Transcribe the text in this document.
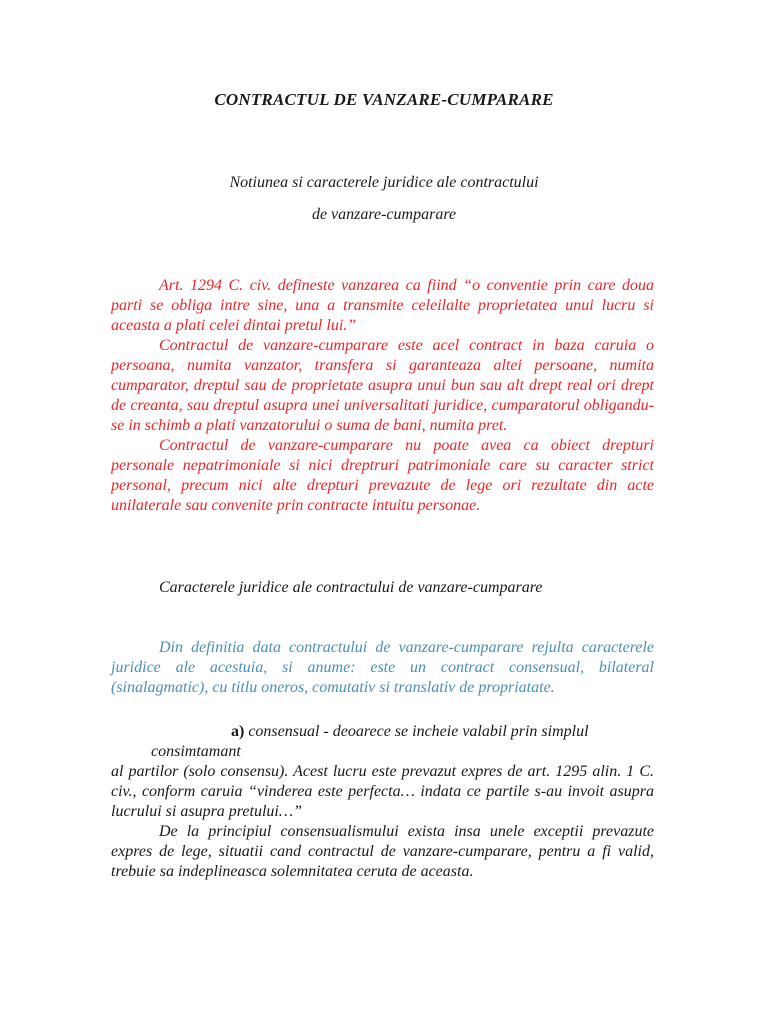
CONTRACTUL DE VANZARE-CUMPARARE
Notiunea si caracterele juridice ale contractului
de vanzare-cumparare

Art. 1294 C. civ. defineste vanzarea ca fiind “o conventie prin care doua parti se obliga intre sine, una a transmite celeilalte proprietatea unui lucru si aceasta a plati celei dintai pretul lui.”

Contractul de vanzare-cumparare este acel contract in baza caruia o persoana, numita vanzator, transfera si garanteaza altei persoane, numita cumparator, dreptul sau de proprietate asupra unui bun sau alt drept real ori drept de creanta, sau dreptul asupra unei universalitati juridice, cumparatorul obligandu-se in schimb a plati vanzatorului o suma de bani, numita pret.

Contractul de vanzare-cumparare nu poate avea ca obiect drepturi personale nepatrimoniale si nici dreptruri patrimoniale care su caracter strict personal, precum nici alte drepturi prevazute de lege ori rezultate din acte unilaterale sau convenite prin contracte intuitu personae.

Caracterele juridice ale contractului de vanzare-cumparare

Din definitia data contractului de vanzare-cumparare rejulta caracterele juridice ale acestuia, si anume: este un contract consensual, bilateral (sinalagmatic), cu titlu oneros, comutativ si translativ de propriatate.

a) consensual - deoarece se incheie valabil prin simplul
consimtamant

al partilor (solo consensu). Acest lucru este prevazut expres de art. 1295 alin. 1 C. civ., conform caruia “vinderea este perfecta… indata ce partile s-au invoit asupra lucrului si asupra pretului…”

De la principiul consensualismului exista insa unele exceptii prevazute expres de lege, situatii cand contractul de vanzare-cumparare, pentru a fi valid, trebuie sa indeplineasca solemnitatea ceruta de aceasta.
